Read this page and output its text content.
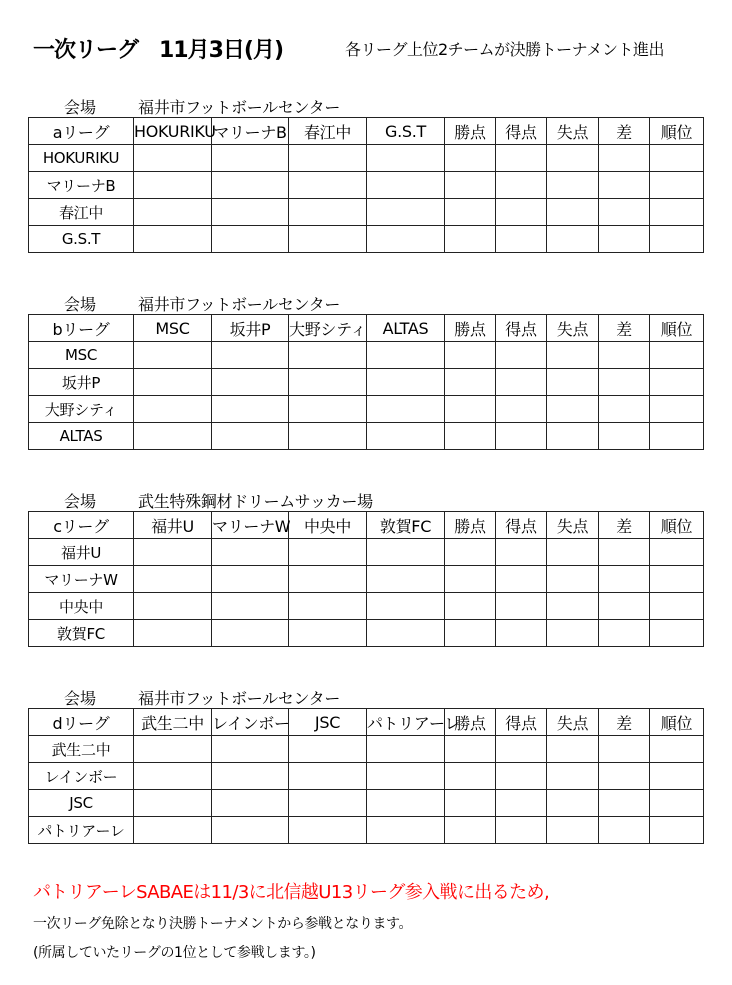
一次リーグ　11月3日(月)	各リーグ上位2チームが決勝トーナメント進出
会場	福井市フットボールセンター
aリーグ	HOKURIKU	マリーナB	春江中	G.S.T	勝点	得点	失点	差	順位
HOKURIKU									
マリーナB									
春江中									
G.S.T									
会場	福井市フットボールセンター
bリーグ	MSC	坂井P	大野シティ	ALTAS	勝点	得点	失点	差	順位
MSC									
坂井P									
大野シティ									
ALTAS									
会場	武生特殊鋼材ドリームサッカー場
cリーグ	福井U	マリーナW	中央中	敦賀FC	勝点	得点	失点	差	順位
福井U									
マリーナW									
中央中									
敦賀FC									
会場	福井市フットボールセンター
dリーグ	武生二中	レインボー	JSC	パトリアーレ	勝点	得点	失点	差	順位
武生二中									
レインボー									
JSC									
パトリアーレ									
パトリアーレSABAEは11/3に北信越U13リーグ参入戦に出るため,
一次リーグ免除となり決勝トーナメントから参戦となります。
(所属していたリーグの1位として参戦します。)
